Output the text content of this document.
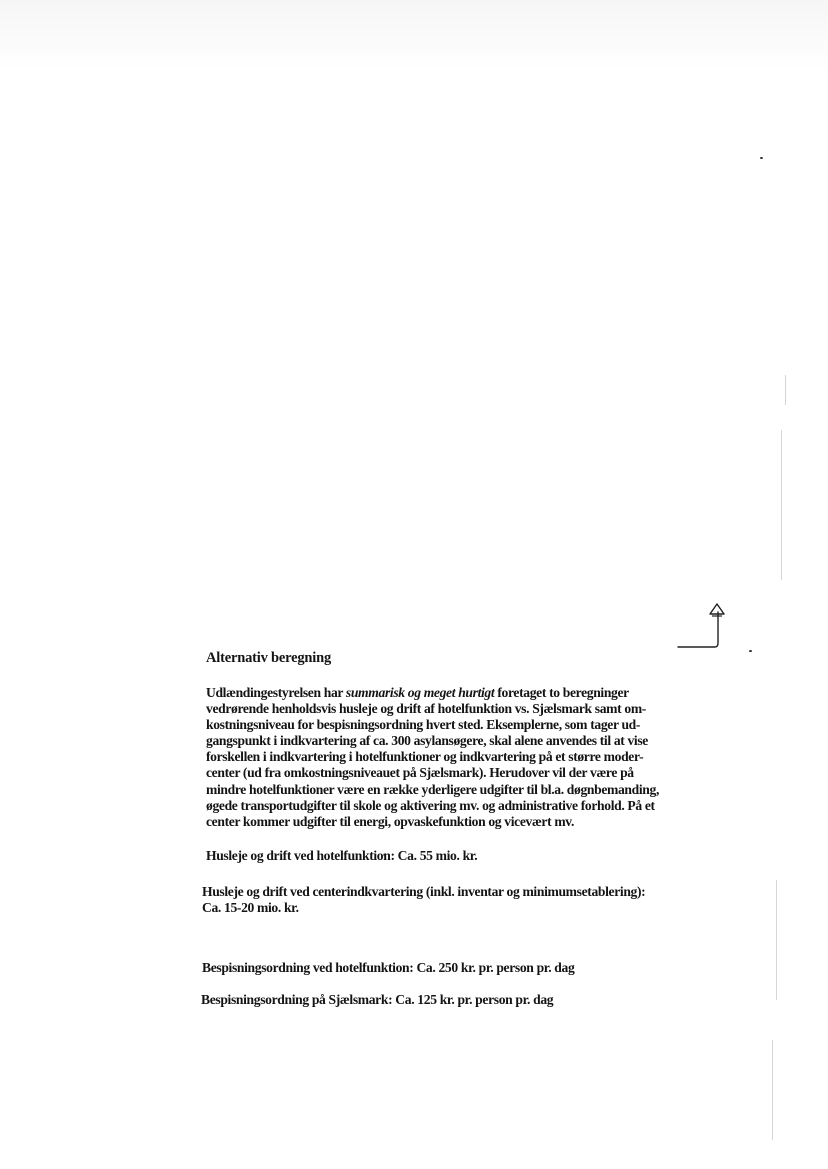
Alternativ beregning
Udlændingestyrelsen har summarisk og meget hurtigt foretaget to beregninger
vedrørende henholdsvis husleje og drift af hotelfunktion vs. Sjælsmark samt om-
kostningsniveau for bespisningsordning hvert sted. Eksemplerne, som tager ud-
gangspunkt i indkvartering af ca. 300 asylansøgere, skal alene anvendes til at vise
forskellen i indkvartering i hotelfunktioner og indkvartering på et større moder-
center (ud fra omkostningsniveauet på Sjælsmark). Herudover vil der være på
mindre hotelfunktioner være en række yderligere udgifter til bl.a. døgnbemanding,
øgede transportudgifter til skole og aktivering mv. og administrative forhold. På et
center kommer udgifter til energi, opvaskefunktion og vicevært mv.
Husleje og drift ved hotelfunktion: Ca. 55 mio. kr.
Husleje og drift ved centerindkvartering (inkl. inventar og minimumsetablering):
Ca. 15-20 mio. kr.
Bespisningsordning ved hotelfunktion: Ca. 250 kr. pr. person pr. dag
Bespisningsordning på Sjælsmark: Ca. 125 kr. pr. person pr. dag
